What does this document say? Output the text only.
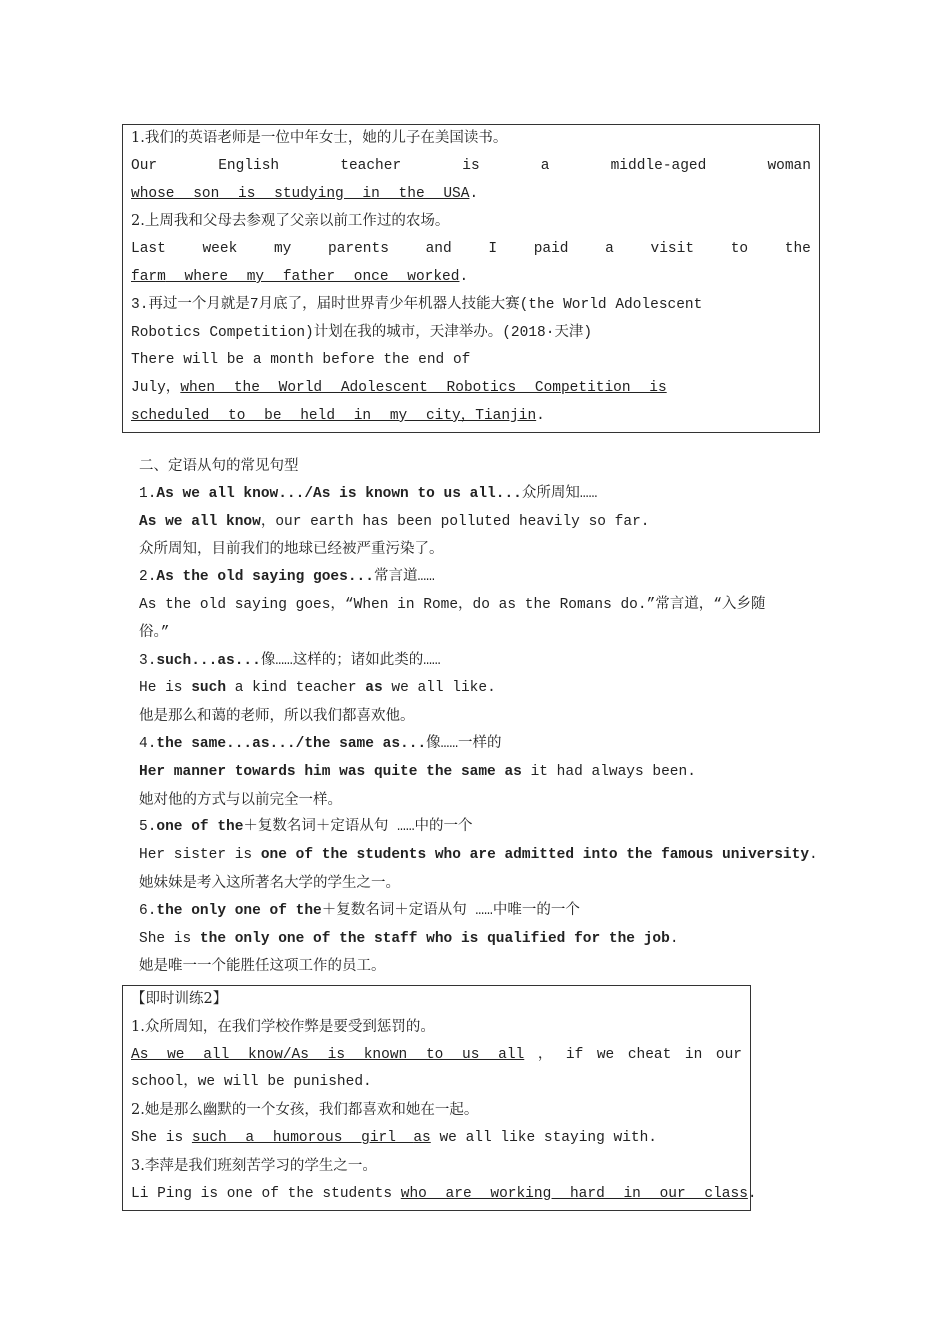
1.我们的英语老师是一位中年女士，她的儿子在美国读书。
Our	English	teacher	is	a	middle-aged	woman
whose son is studying in the USA.
2.上周我和父母去参观了父亲以前工作过的农场。
Last	week	my	parents	and	I	paid	a	visit	to	the
farm where my father once worked.
3.再过一个月就是7月底了，届时世界青少年机器人技能大赛(the World Adolescent
Robotics Competition)计划在我的城市，天津举办。(2018·天津)
There will be a month before the end of
July，when the World Adolescent Robotics Competition is
scheduled to be held in my city，Tianjin.
二、定语从句的常见句型
1.As we all know.../As is known to us all...众所周知……
As we all know，our earth has been polluted heavily so far.
众所周知，目前我们的地球已经被严重污染了。
2.As the old saying goes...常言道……
As the old saying goes，“When in Rome，do as the Romans do.”常言道，“入乡随
俗。”
3.such...as...像……这样的；诸如此类的……
He is such a kind teacher as we all like.
他是那么和蔼的老师，所以我们都喜欢他。
4.the same...as.../the same as...像……一样的
Her manner towards him was quite the same as it had always been.
她对他的方式与以前完全一样。
5.one of the＋复数名词＋定语从句 ……中的一个
Her sister is one of the students who are admitted into the famous university.
她妹妹是考入这所著名大学的学生之一。
6.the only one of the＋复数名词＋定语从句 ……中唯一的一个
She is the only one of the staff who is qualified for the job.
她是唯一一个能胜任这项工作的员工。
【即时训练2】
1.众所周知，在我们学校作弊是要受到惩罚的。
As we all know/As is known to us all ， if we cheat in our
school，we will be punished.
2.她是那么幽默的一个女孩，我们都喜欢和她在一起。
She is such a humorous girl as we all like staying with.
3.李萍是我们班刻苦学习的学生之一。
Li Ping is one of the students who are working hard in our class.
